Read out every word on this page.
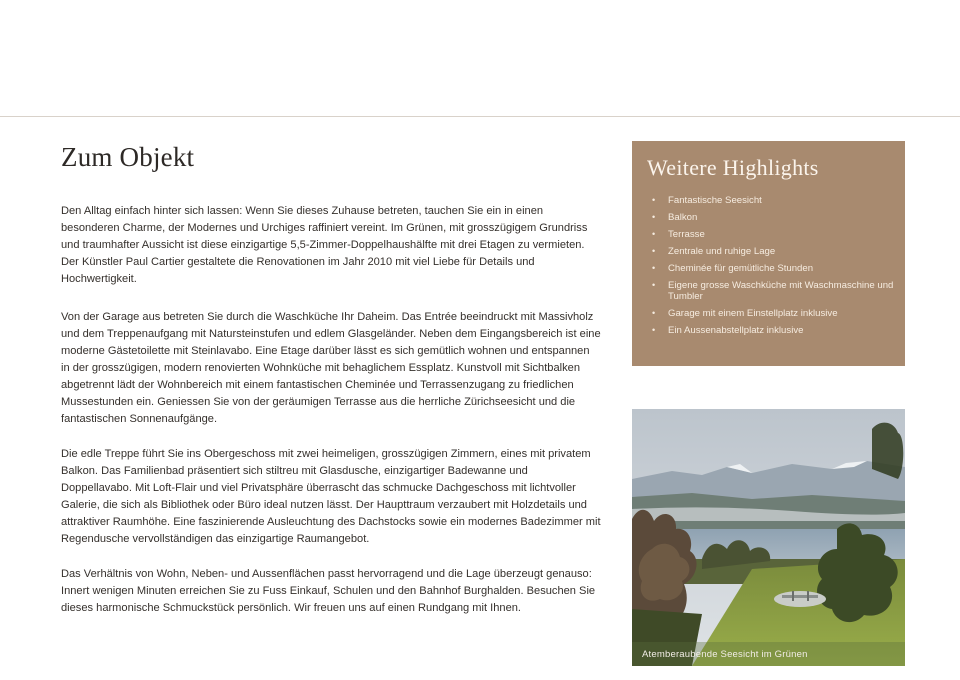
Zum Objekt

Den Alltag einfach hinter sich lassen: Wenn Sie dieses Zuhause betreten, tauchen Sie ein in einen besonderen Charme, der Modernes und Urchiges raffiniert vereint. Im Grünen, mit grosszügigem Grundriss und traumhafter Aussicht ist diese einzigartige 5,5-Zimmer-Doppelhaushälfte mit drei Etagen zu vermieten. Der Künstler Paul Cartier gestaltete die Renovationen im Jahr 2010 mit viel Liebe für Details und Hochwertigkeit.

Von der Garage aus betreten Sie durch die Waschküche Ihr Daheim. Das Entrée beeindruckt mit Massivholz und dem Treppenaufgang mit Natursteinstufen und edlem Glasgeländer. Neben dem Eingangsbereich ist eine moderne Gästetoilette mit Steinlavabo. Eine Etage darüber lässt es sich gemütlich wohnen und entspannen in der grosszügigen, modern renovierten Wohnküche mit behaglichem Essplatz. Kunstvoll mit Sichtbalken abgetrennt lädt der Wohnbereich mit einem fantastischen Cheminée und Terrassenzugang zu friedlichen Mussestunden ein. Geniessen Sie von der geräumigen Terrasse aus die herrliche Zürichseesicht und die fantastischen Sonnenaufgänge.

Die edle Treppe führt Sie ins Obergeschoss mit zwei heimeligen, grosszügigen Zimmern, eines mit privatem Balkon. Das Familienbad präsentiert sich stiltreu mit Glasdusche, einzigartiger Badewanne und Doppellavabo. Mit Loft-Flair und viel Privatsphäre überrascht das schmucke Dachgeschoss mit lichtvoller Galerie, die sich als Bibliothek oder Büro ideal nutzen lässt. Der Haupttraum verzaubert mit Holzdetails und attraktiver Raumhöhe. Eine faszinierende Ausleuchtung des Dachstocks sowie ein modernes Badezimmer mit Regendusche vervollständigen das einzigartige Raumangebot.

Das Verhältnis von Wohn, Neben- und Aussenflächen passt hervorragend und die Lage überzeugt genauso: Innert wenigen Minuten erreichen Sie zu Fuss Einkauf, Schulen und den Bahnhof Burghalden. Besuchen Sie dieses harmonische Schmuckstück persönlich. Wir freuen uns auf einen Rundgang mit Ihnen.

Weitere Highlights
• Fantastische Seesicht
• Balkon
• Terrasse
• Zentrale und ruhige Lage
• Cheminée für gemütliche Stunden
• Eigene grosse Waschküche mit Waschmaschine und Tumbler
• Garage mit einem Einstellplatz inklusive
• Ein Aussenabstellplatz inklusive
Atemberaubende Seesicht im Grünen
